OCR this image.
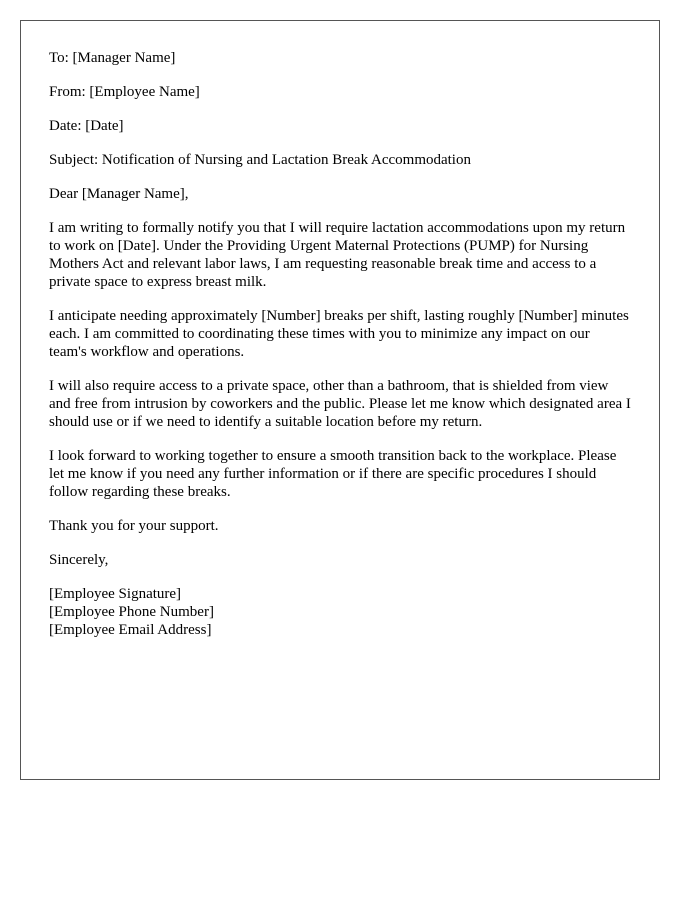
To: [Manager Name]

From: [Employee Name]

Date: [Date]

Subject: Notification of Nursing and Lactation Break Accommodation

Dear [Manager Name],

I am writing to formally notify you that I will require lactation accommodations upon my return to work on [Date]. Under the Providing Urgent Maternal Protections (PUMP) for Nursing Mothers Act and relevant labor laws, I am requesting reasonable break time and access to a private space to express breast milk.

I anticipate needing approximately [Number] breaks per shift, lasting roughly [Number] minutes each. I am committed to coordinating these times with you to minimize any impact on our team's workflow and operations.

I will also require access to a private space, other than a bathroom, that is shielded from view and free from intrusion by coworkers and the public. Please let me know which designated area I should use or if we need to identify a suitable location before my return.

I look forward to working together to ensure a smooth transition back to the workplace. Please let me know if you need any further information or if there are specific procedures I should follow regarding these breaks.

Thank you for your support.

Sincerely,

[Employee Signature]
[Employee Phone Number]
[Employee Email Address]
